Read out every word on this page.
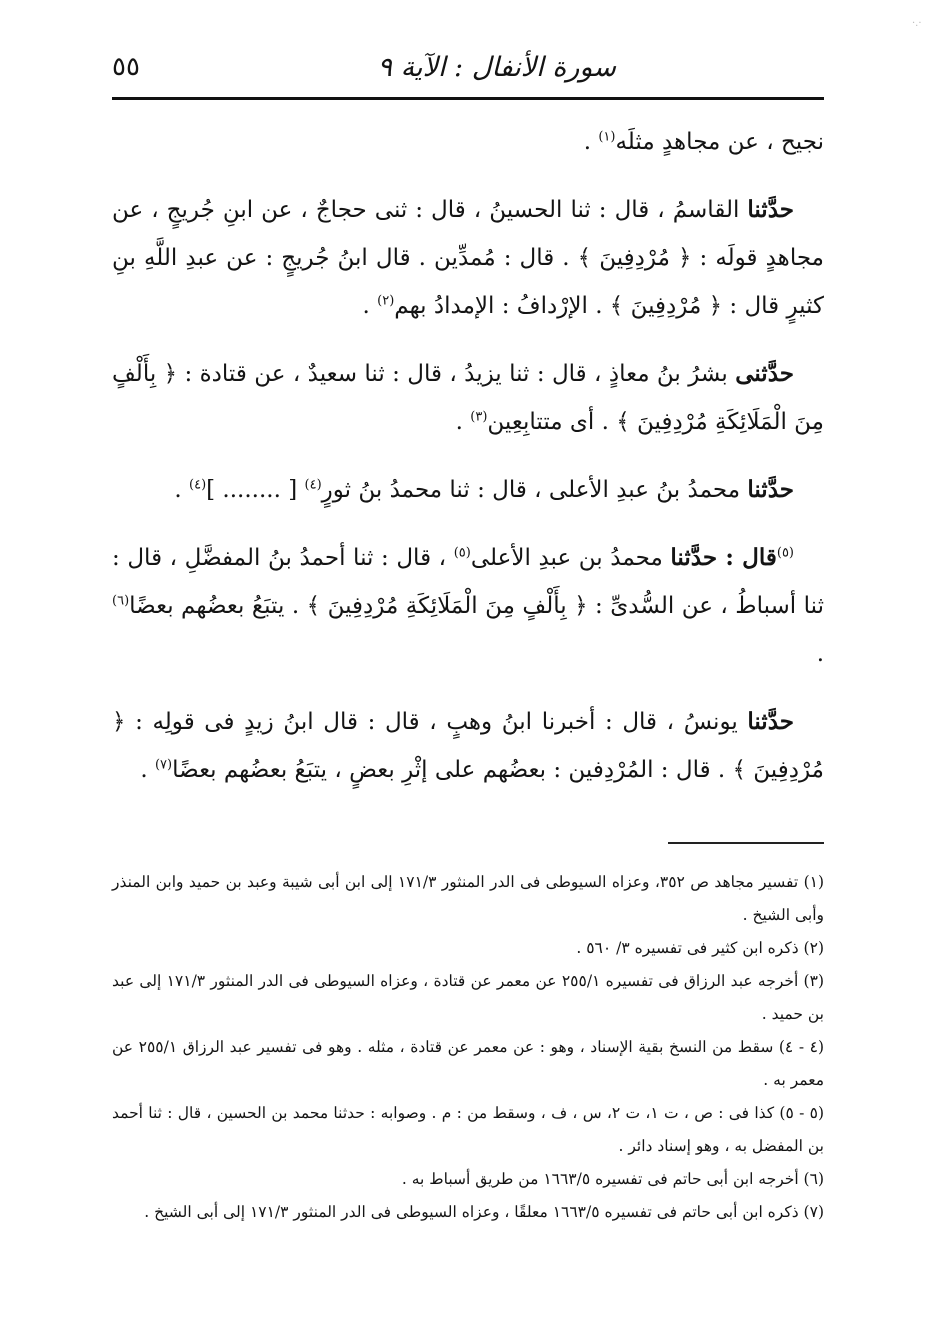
·.·
سورة الأنفال : الآية ٩
٥٥

نجيح ، عن مجاهدٍ مثلَه$^{(١)}$ .

حدَّثنا القاسمُ ، قال : ثنا الحسينُ ، قال : ثنى حجاجٌ ، عن ابنِ جُريجٍ ، عن مجاهدٍ قولَه : ﴿ مُرْدِفِينَ ﴾ . قال : مُمدِّين . قال ابنُ جُريجٍ : عن عبدِ اللَّهِ بنِ كثيرٍ قال : ﴿ مُرْدِفِينَ ﴾ . الإرْدافُ : الإمدادُ بهم$^{(٢)}$ .

حدَّثنى بشرُ بنُ معاذٍ ، قال : ثنا يزيدُ ، قال : ثنا سعيدٌ ، عن قتادة : ﴿ بِأَلْفٍ مِنَ الْمَلَائِكَةِ مُرْدِفِينَ ﴾ . أى متتابِعِين$^{(٣)}$ .

حدَّثنا محمدُ بنُ عبدِ الأعلى ، قال : ثنا محمدُ بنُ ثورٍ$^{(٤)}$ [ ........ ]$^{(٤)}$ .

$^{(٥)}$قال : حدَّثنا محمدُ بن عبدِ الأعلى$^{(٥)}$ ، قال : ثنا أحمدُ بنُ المفضَّلِ ، قال : ثنا أسباطُ ، عن السُّدىِّ : ﴿ بِأَلْفٍ مِنَ الْمَلَائِكَةِ مُرْدِفِينَ ﴾ . يتبَعُ بعضُهم بعضًا$^{(٦)}$ .

حدَّثنا يونسُ ، قال : أخبرنا ابنُ وهبٍ ، قال : قال ابنُ زيدٍ فى قولِه : ﴿ مُرْدِفِينَ ﴾ . قال : المُرْدِفين : بعضُهم على إثْرِ بعضٍ ، يتبَعُ بعضُهم بعضًا$^{(٧)}$ .

(١) تفسير مجاهد ص ٣٥٢، وعزاه السيوطى فى الدر المنثور ١٧١/٣ إلى ابن أبى شيبة وعبد بن حميد وابن المنذر وأبى الشيخ .

(٢) ذكره ابن كثير فى تفسيره ٣/ ٥٦٠ .

(٣) أخرجه عبد الرزاق فى تفسيره ٢٥٥/١ عن معمر عن قتادة ، وعزاه السيوطى فى الدر المنثور ١٧١/٣ إلى عبد بن حميد .

(٤ - ٤) سقط من النسخ بقية الإسناد ، وهو : عن معمر عن قتادة ، مثله . وهو فى تفسير عبد الرزاق ٢٥٥/١ عن معمر به .

(٥ - ٥) كذا فى : ص ، ت ١، ت ٢، س ، ف ، وسقط من : م . وصوابه : حدثنا محمد بن الحسين ، قال : ثنا أحمد بن المفضل به ، وهو إسناد دائر .

(٦) أخرجه ابن أبى حاتم فى تفسيره ١٦٦٣/٥ من طريق أسباط به .

(٧) ذكره ابن أبى حاتم فى تفسيره ١٦٦٣/٥ معلقًا ، وعزاه السيوطى فى الدر المنثور ١٧١/٣ إلى أبى الشيخ .
